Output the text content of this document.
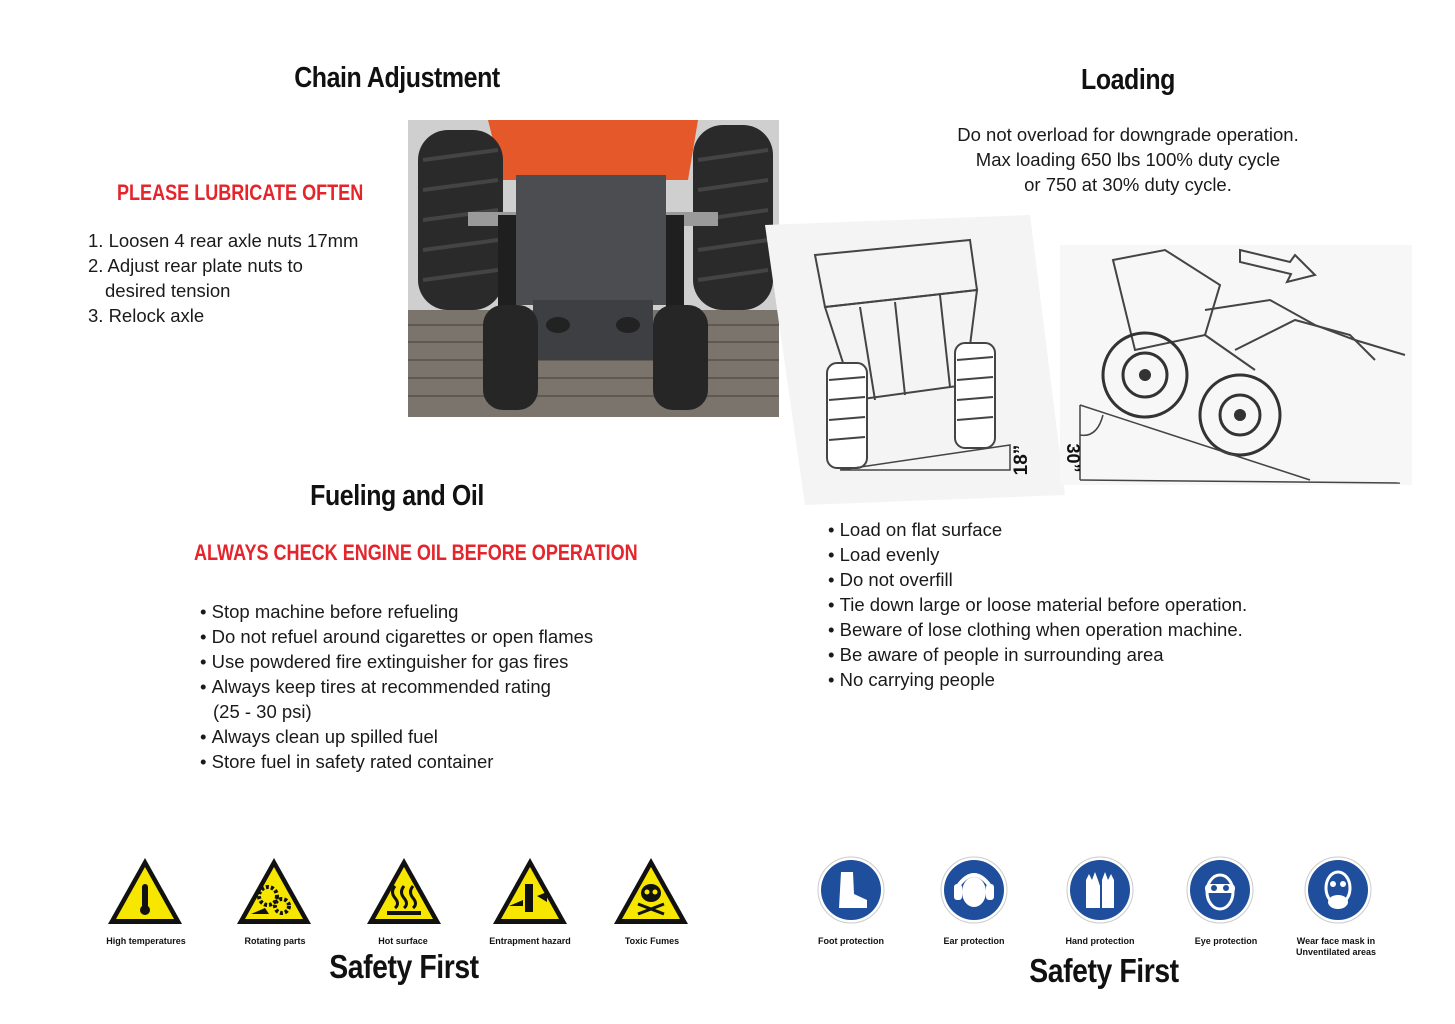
Chain Adjustment
PLEASE LUBRICATE OFTEN
1. Loosen 4 rear axle nuts 17mm
2. Adjust rear plate nuts to
desired tension
3. Relock axle
Fueling and Oil
ALWAYS CHECK ENGINE OIL BEFORE OPERATION
• Stop machine before refueling
• Do not refuel around cigarettes or open flames
• Use powdered fire extinguisher for gas fires
• Always keep tires at recommended rating
(25 - 30 psi)
• Always clean up spilled fuel
• Store fuel in safety rated container
Loading
Do not overload for downgrade operation.
Max loading 650 lbs 100% duty cycle
or 750 at 30% duty cycle.
18” 30”
• Load on flat surface
• Load evenly
• Do not overfill
• Tie down large or loose material before operation.
• Beware of lose clothing when operation machine.
• Be aware of people in surrounding area
• No carrying people
High temperatures	Rotating parts	Hot surface	Entrapment hazard	Toxic Fumes
Safety First
Foot protection	Ear protection	Hand protection	Eye protection	Wear face mask in Unventilated areas
Safety First
